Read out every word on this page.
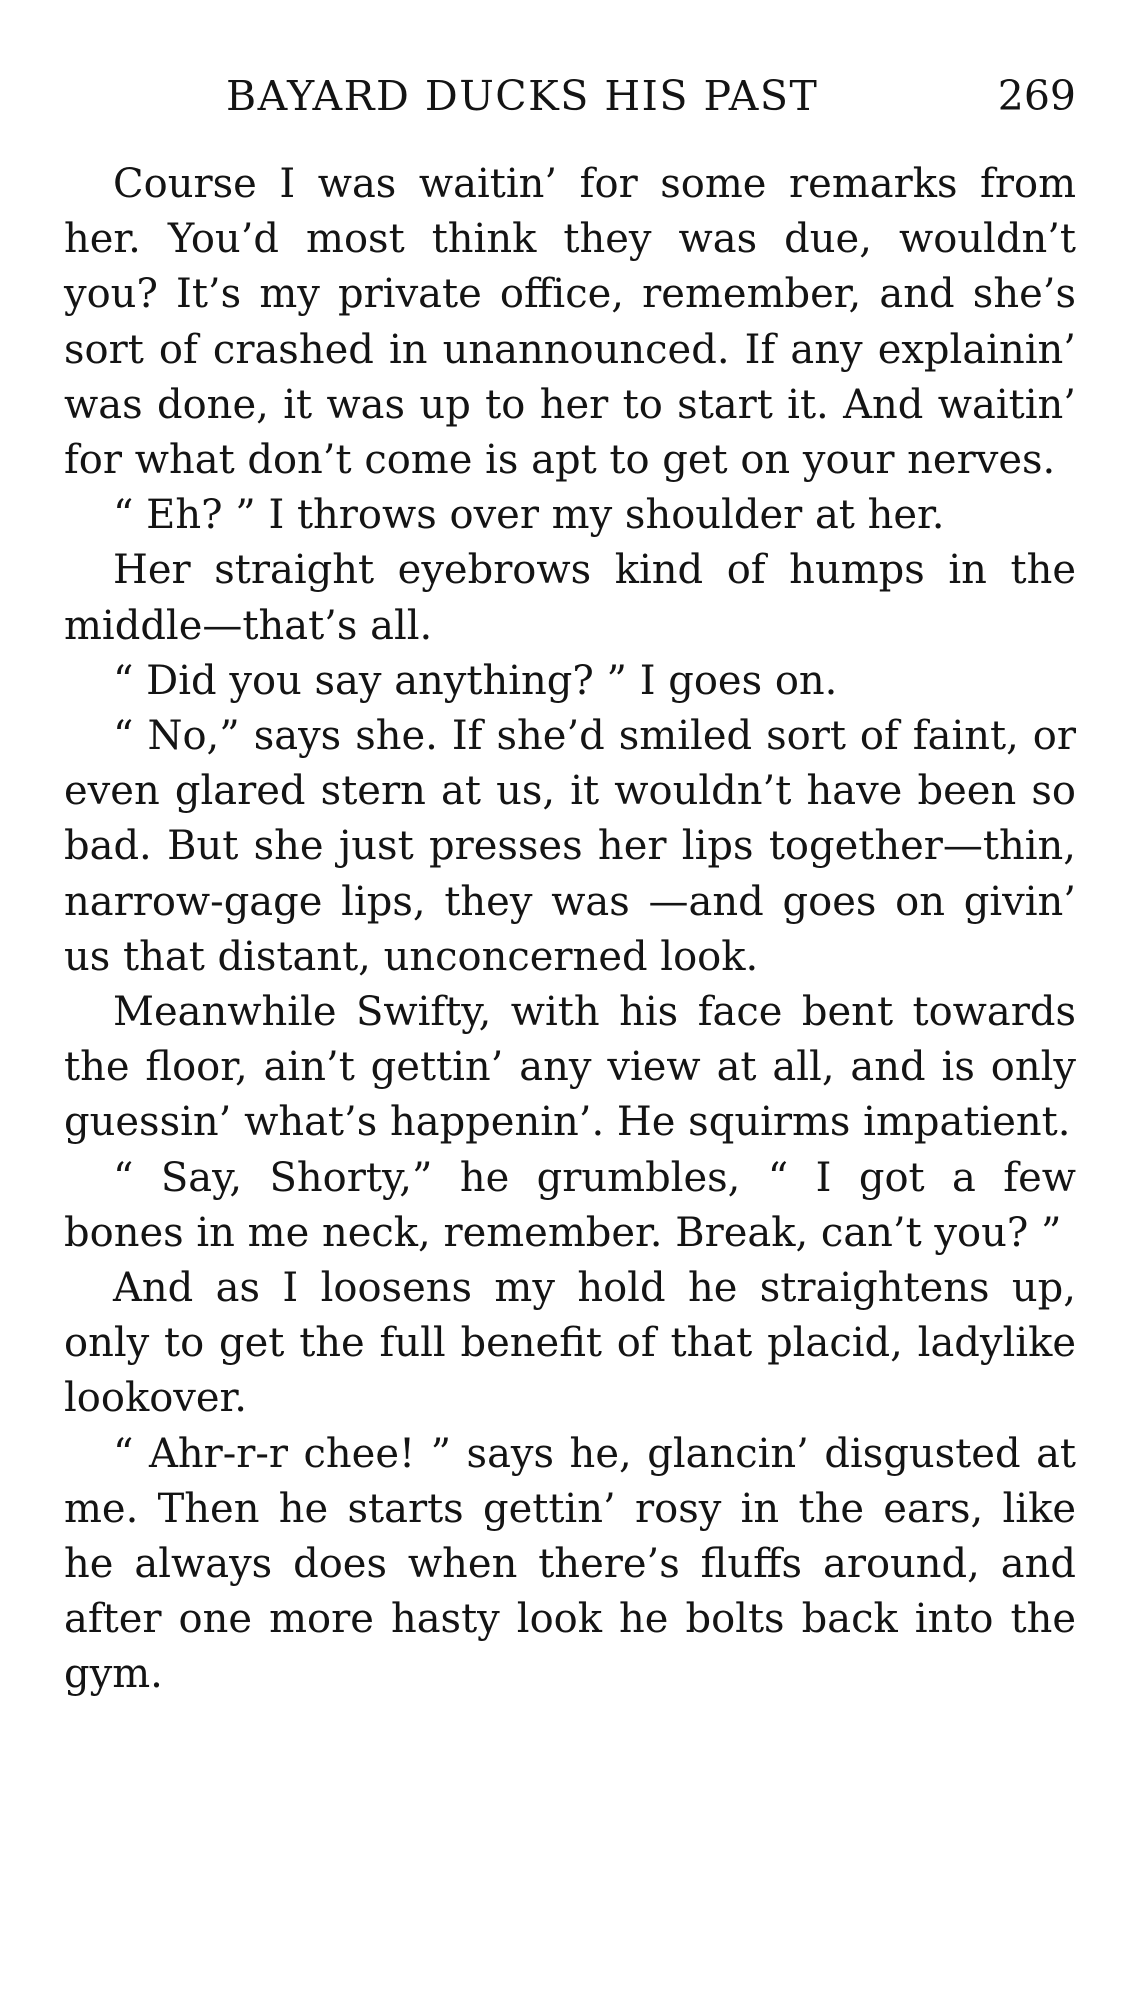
BAYARD DUCKS HIS PAST	269

Course I was waitin’ for some remarks from her. You’d most think they was due, wouldn’t you? It’s my private office, remember, and she’s sort of crashed in unannounced. If any explainin’ was done, it was up to her to start it. And waitin’ for what don’t come is apt to get on your nerves.

“ Eh? ” I throws over my shoulder at her.

Her straight eyebrows kind of humps in the middle—that’s all.

“ Did you say anything? ” I goes on.

“ No,” says she. If she’d smiled sort of faint, or even glared stern at us, it wouldn’t have been so bad. But she just presses her lips together—thin, narrow-gage lips, they was —and goes on givin’ us that distant, unconcerned look.

Meanwhile Swifty, with his face bent towards the floor, ain’t gettin’ any view at all, and is only guessin’ what’s happenin’. He squirms impatient.

“ Say, Shorty,” he grumbles, “ I got a few bones in me neck, remember. Break, can’t you? ”

And as I loosens my hold he straightens up, only to get the full benefit of that placid, ladylike lookover.

“ Ahr-r-r chee! ” says he, glancin’ disgusted at me. Then he starts gettin’ rosy in the ears, like he always does when there’s fluffs around, and after one more hasty look he bolts back into the gym.
